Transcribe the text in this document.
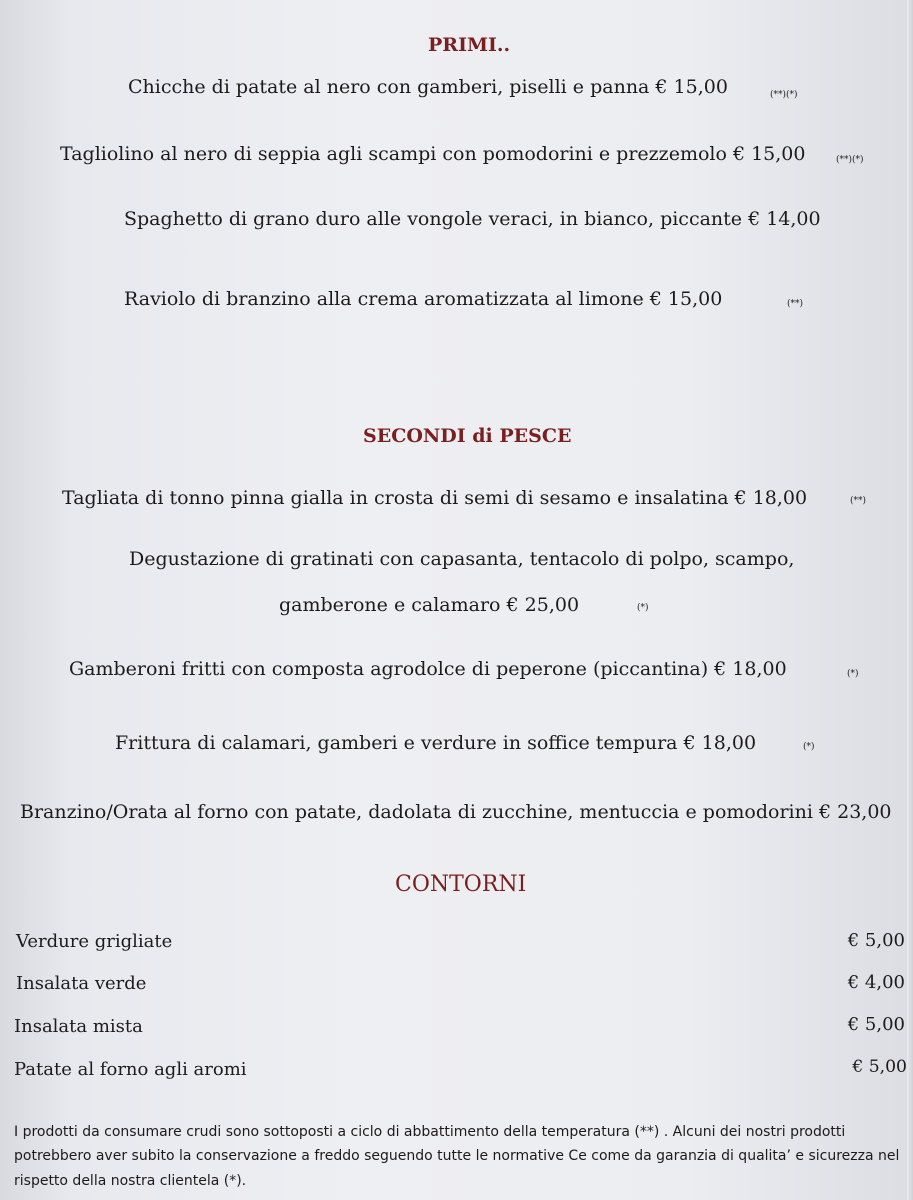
PRIMI..
Chicche di patate al nero con gamberi, piselli e panna € 15,00	(**)(*)
Tagliolino al nero di seppia agli scampi con pomodorini e prezzemolo € 15,00	(**)(*)
Spaghetto di grano duro alle vongole veraci, in bianco, piccante € 14,00
Raviolo di branzino alla crema aromatizzata al limone € 15,00	(**)
SECONDI di PESCE
Tagliata di tonno pinna gialla in crosta di semi di sesamo e insalatina € 18,00	(**)
Degustazione di gratinati con capasanta, tentacolo di polpo, scampo,
gamberone e calamaro € 25,00	(*)
Gamberoni fritti con composta agrodolce di peperone (piccantina) € 18,00	(*)
Frittura di calamari, gamberi e verdure in soffice tempura € 18,00	(*)
Branzino/Orata al forno con patate, dadolata di zucchine, mentuccia e pomodorini € 23,00
CONTORNI
Verdure grigliate	€ 5,00
Insalata verde	€ 4,00
Insalata mista	€ 5,00
Patate al forno agli aromi	€ 5,00
I prodotti da consumare crudi sono sottoposti a ciclo di abbattimento della temperatura (**) . Alcuni dei nostri prodotti
potrebbero aver subito la conservazione a freddo seguendo tutte le normative Ce come da garanzia di qualita’ e sicurezza nel
rispetto della nostra clientela (*).
